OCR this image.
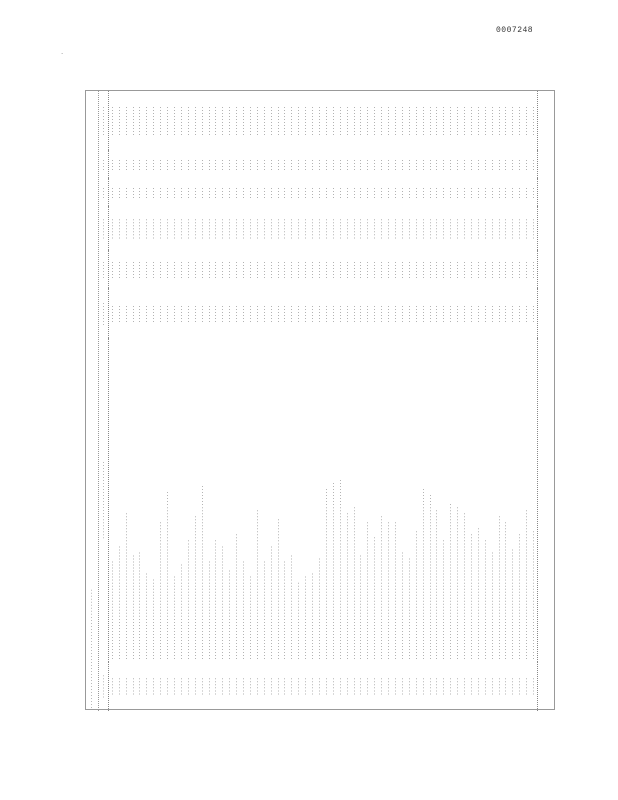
0007248
.
................................................	..........................	........	......	.......	....	....	..........
......	.................................	......	......	.......	....	....	..........
......	......................................	......	......	.......	....	....	..........
......	.................................................	......	......	.......	....	....	..........
......	...................................	......	......	.......	....	....	..........
......	....................................	......	......	.......	....	....	..........
......	.............................	......	......	.......	....	....	..........
......	...........................	......	......	.......	....	....	..........
......	..............................................	......	......	.......	....	....	..........
......	........................................................	......	......	.......	....	....	..........
......	............................	......	......	.......	....	....	..........
......	................................	......	......	.......	....	....	..........
......	........................................	......	......	.......	....	....	..........
......	................................................	......	......	.......	....	....	..........
......	..........................................................	......	......	.......	....	....	..........
......	.................................	......	......	.......	....	....	..........
......	........................................	......	......	.......	....	....	..........
......	......................................	......	......	.......	....	....	..........
......	..............................	......	......	.......	....	....	..........
......	..........................................	......	......	.......	....	....	..........
......	.................................	......	......	.......	....	....	..........
......	............................	......	......	.......	....	....	..........
......	..................................................	......	......	.......	....	....	..........
......	.................................	......	......	.......	....	....	..........
......	......................................	......	......	.......	....	....	..........
......	...............................................	......	......	.......	....	....	..........
......	.................................	......	......	.......	....	....	..........
......	...................................	......	......	.......	....	....	..........
......	..........................	......	......	.......	....	....	..........
......	............................	......	......	.......	....	....	..........
......	.............................	......	......	.......	....	....	..........
......	..................................	......	......	.......	....	....	..........
......	.........................................................	......	......	.......	....	....	..........
......	...........................................................	......	......	.......	....	....	..........
......	............................................................	......	......	.......	....	....	..........
......	.................................................	......	......	.......	....	....	..........
......	...................................................	......	......	.......	....	....	..........
......	...................................	......	......	.......	....	....	..........
......	..............................................	......	......	.......	....	....	..........
......	.........................................	......	......	.......	....	....	..........
......	................................................	......	......	.......	....	....	..........
......	..............................................	......	......	.......	....	....	..........
......	..............................................	......	......	.......	....	....	..........
......	....................................	......	......	.......	....	....	..........
......	..................................	......	......	.......	....	....	..........
......	...........................................	......	......	.......	....	....	..........
......	.........................................................	......	......	.......	....	....	..........
......	.......................................................	......	......	.......	....	....	..........
......	..................................................	......	......	.......	....	....	..........
......	........................................	......	......	.......	....	....	..........
......	....................................................	......	......	.......	....	....	..........
......	...................................................	......	......	.......	....	....	..........
......	.................................................	......	......	.......	....	....	..........
......	..........................................	......	......	.......	....	....	..........
......	............................................	......	......	.......	....	....	..........
......	........................................	......	......	.......	....	....	..........
......	....................................	......	......	.......	....	....	..........
......	................................................	......	......	.......	....	....	..........
......	..............................................	......	......	.......	....	....	..........
......	.....................................	......	......	.......	....	....	..........
......	..........................................	......	......	.......	....	....	..........
......	..................................................	......	......	.......	....	....	..........
......	...........................................	......	......	.......	....	....	..........
